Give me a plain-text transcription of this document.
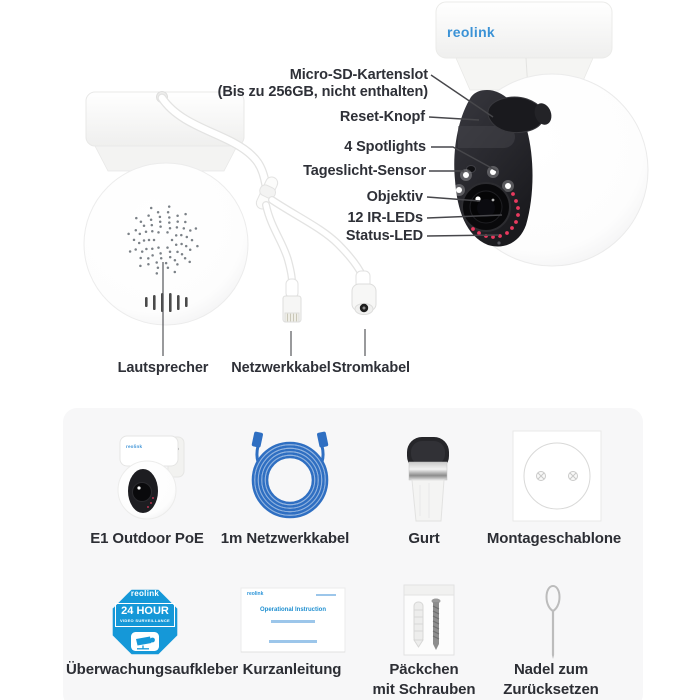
reolink
Micro-SD-Kartenslot
(Bis zu 256GB, nicht enthalten)
Reset-Knopf
4 Spotlights
Tageslicht-Sensor
Objektiv
12 IR-LEDs
Status-LED
Lautsprecher Netzwerkkabel Stromkabel
reolink
reolink
24 HOUR
VIDEO SURVEILLANCE
reolink
Operational Instruction
E1 Outdoor PoE 1m Netzwerkkabel	Gurt	Montageschablone
Überwachungsaufkleber Kurzanleitung	Päckchen
mit Schrauben
Nadel zum
Zurücksetzen
